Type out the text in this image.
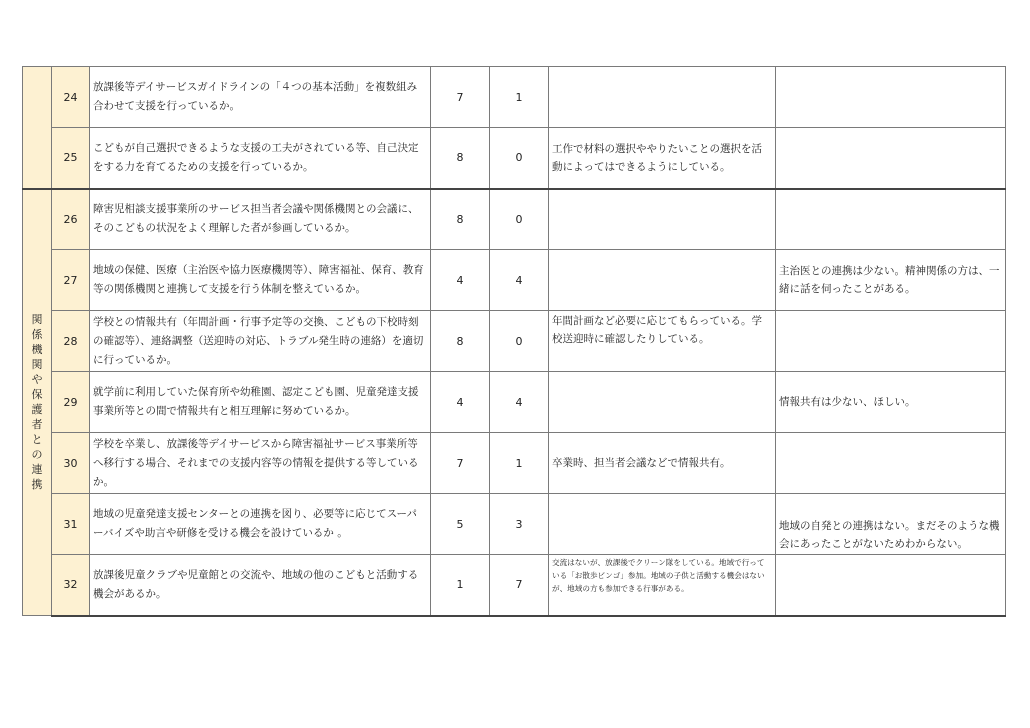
	24	放課後等デイサービスガイドラインの「４つの基本活動」を複数組み合わせて支援を行っているか。	7	1		
	25	こどもが自己選択できるような支援の工夫がされている等、自己決定をする力を育てるための支援を行っているか。	8	0	工作で材料の選択ややりたいことの選択を活動によってはできるようにしている。	
関係機関や保護者との連携	26	障害児相談支援事業所のサービス担当者会議や関係機関との会議に、そのこどもの状況をよく理解した者が参画しているか。	8	0		
	27	地域の保健、医療（主治医や協力医療機関等）、障害福祉、保育、教育等の関係機関と連携して支援を行う体制を整えているか。	4	4		主治医との連携は少ない。精神関係の方は、一緒に話を伺ったことがある。
	28	学校との情報共有（年間計画・行事予定等の交換、こどもの下校時刻の確認等）、連絡調整（送迎時の対応、トラブル発生時の連絡）を適切に行っているか。	8	0	年間計画など必要に応じてもらっている。学校送迎時に確認したりしている。	
	29	就学前に利用していた保育所や幼稚園、認定こども園、児童発達支援事業所等との間で情報共有と相互理解に努めているか。	4	4		情報共有は少ない、ほしい。
	30	学校を卒業し、放課後等デイサービスから障害福祉サービス事業所等へ移行する場合、それまでの支援内容等の情報を提供する等しているか。	7	1	卒業時、担当者会議などで情報共有。	
	31	地域の児童発達支援センターとの連携を図り、必要等に応じてスーパーバイズや助言や研修を受ける機会を設けているか 。	5	3		地域の自発との連携はない。まだそのような機会にあったことがないためわからない。
	32	放課後児童クラブや児童館との交流や、地域の他のこどもと活動する機会があるか。	1	7	交流はないが、放課後でクリーン隊をしている。地域で行っている「お散歩ビンゴ」参加。地域の子供と活動する機会はないが、地域の方も参加できる行事がある。	
